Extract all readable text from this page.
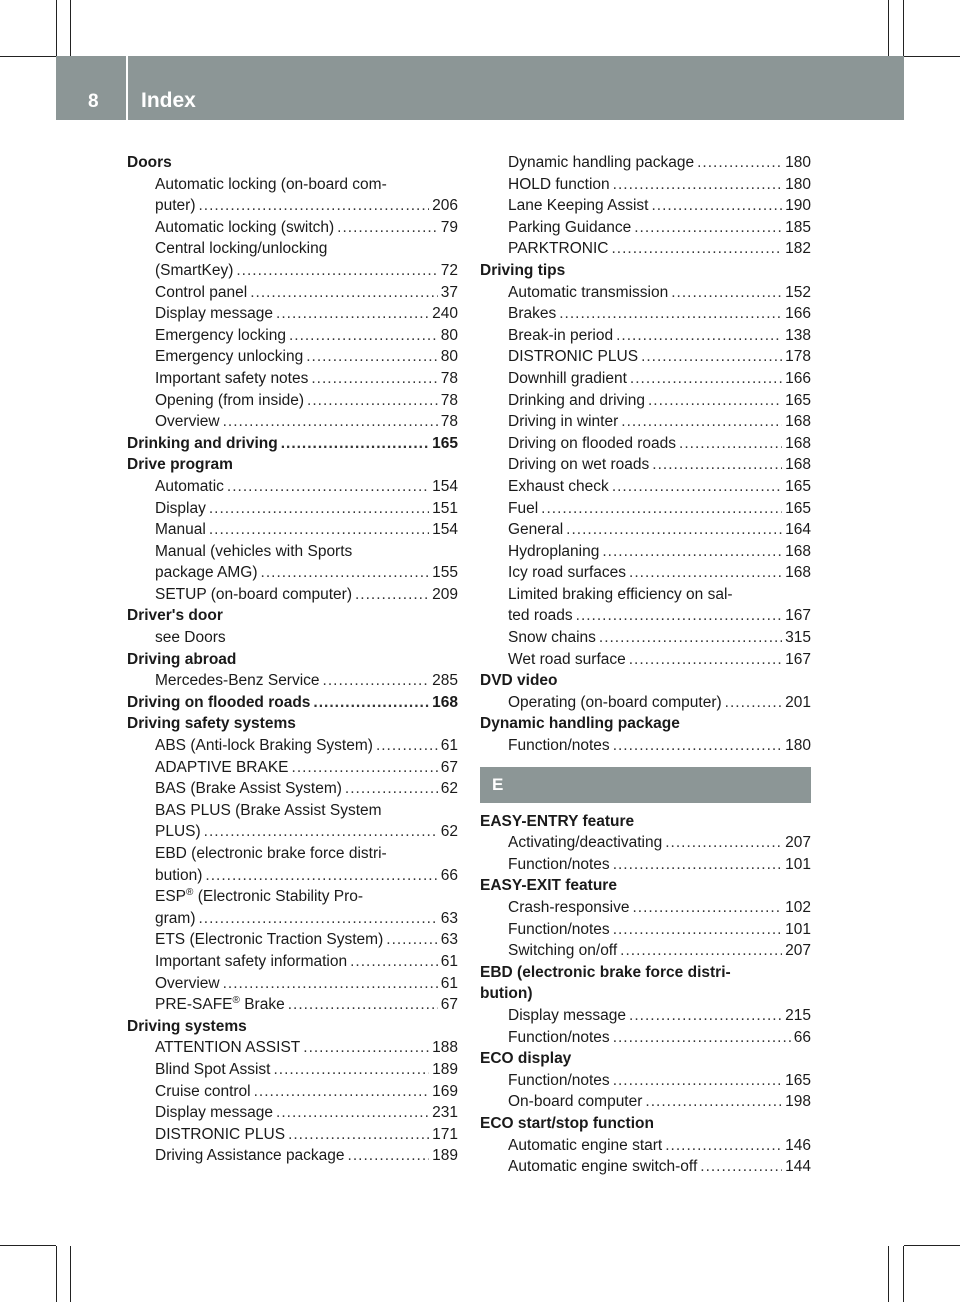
8 Index
Doors
Automatic locking (on-board com-
puter) .....	206
Automatic locking (switch) .....	79
Central locking/unlocking
(SmartKey) .....	72
Control panel .....	37
Display message .....	240
Emergency locking .....	80
Emergency unlocking .....	80
Important safety notes .....	78
Opening (from inside) .....	78
Overview .....	78
Drinking and driving .....	165
Drive program
Automatic .....	154
Display .....	151
Manual .....	154
Manual (vehicles with Sports
package AMG) .....	155
SETUP (on-board computer) .....	209
Driver's door
see Doors
Driving abroad
Mercedes-Benz Service .....	285
Driving on flooded roads .....	168
Driving safety systems
ABS (Anti-lock Braking System) .....	61
ADAPTIVE BRAKE .....	67
BAS (Brake Assist System) .....	62
BAS PLUS (Brake Assist System
PLUS) .....	62
EBD (electronic brake force distri-
bution) .....	66
ESP® (Electronic Stability Pro-
gram) .....	63
ETS (Electronic Traction System) .....	63
Important safety information .....	61
Overview .....	61
PRE-SAFE® Brake .....	67
Driving systems
ATTENTION ASSIST .....	188
Blind Spot Assist .....	189
Cruise control .....	169
Display message .....	231
DISTRONIC PLUS .....	171
Driving Assistance package .....	189
Dynamic handling package .....	180
HOLD function .....	180
Lane Keeping Assist .....	190
Parking Guidance .....	185
PARKTRONIC .....	182
Driving tips
Automatic transmission .....	152
Brakes .....	166
Break-in period .....	138
DISTRONIC PLUS .....	178
Downhill gradient .....	166
Drinking and driving .....	165
Driving in winter .....	168
Driving on flooded roads .....	168
Driving on wet roads .....	168
Exhaust check .....	165
Fuel .....	165
General .....	164
Hydroplaning .....	168
Icy road surfaces .....	168
Limited braking efficiency on sal-
ted roads .....	167
Snow chains .....	315
Wet road surface .....	167
DVD video
Operating (on-board computer) .....	201
Dynamic handling package
Function/notes .....	180
E
EASY-ENTRY feature
Activating/deactivating .....	207
Function/notes .....	101
EASY-EXIT feature
Crash-responsive .....	102
Function/notes .....	101
Switching on/off .....	207
EBD (electronic brake force distri-
bution)
Display message .....	215
Function/notes .....	66
ECO display
Function/notes .....	165
On-board computer .....	198
ECO start/stop function
Automatic engine start .....	146
Automatic engine switch-off .....	144
